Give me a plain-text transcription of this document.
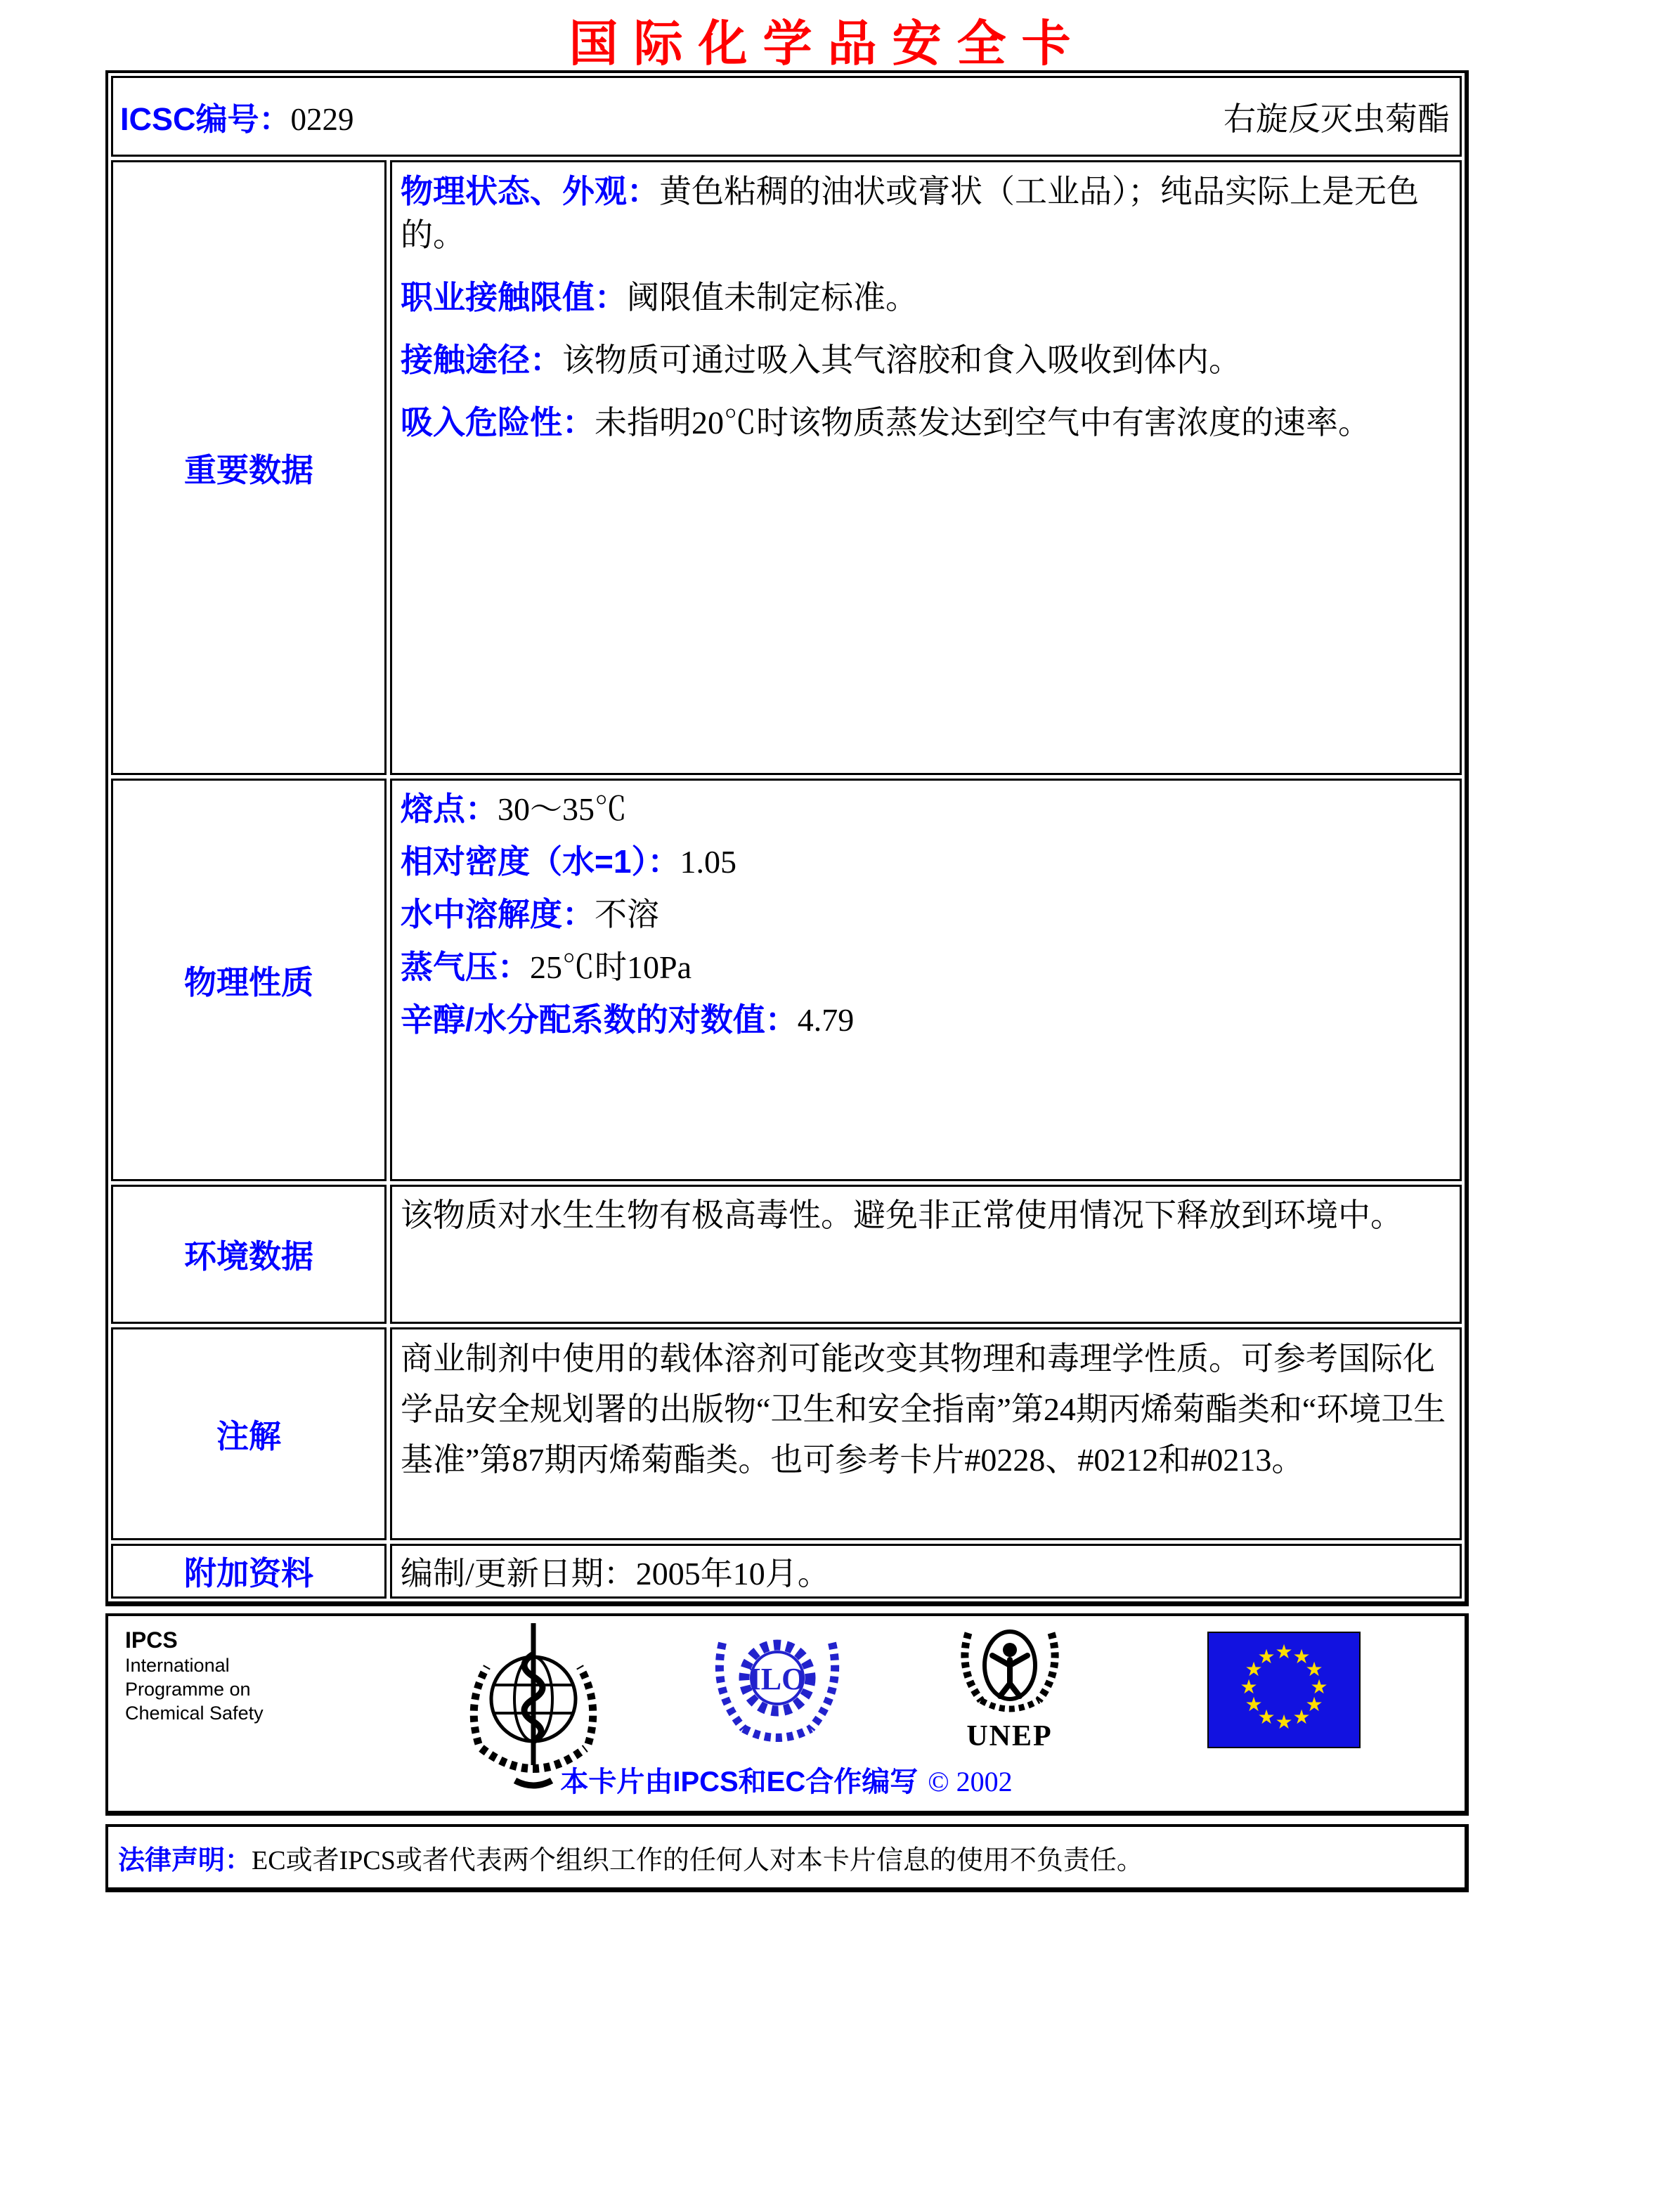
国际化学品安全卡
ICSC编号：0229	右旋反灭虫菊酯
重要数据

物理状态、外观：黄色粘稠的油状或膏状（工业品）；纯品实际上是无色的。

职业接触限值：阈限值未制定标准。

接触途径：该物质可通过吸入其气溶胶和食入吸收到体内。

吸入危险性：未指明20℃时该物质蒸发达到空气中有害浓度的速率。

物理性质

熔点：30～35℃

相对密度（水=1）：1.05

水中溶解度：不溶

蒸气压：25℃时10Pa

辛醇/水分配系数的对数值：4.79

环境数据

该物质对水生生物有极高毒性。避免非正常使用情况下释放到环境中。

注解

商业制剂中使用的载体溶剂可能改变其物理和毒理学性质。可参考国际化学品安全规划署的出版物“卫生和安全指南”第24期丙烯菊酯类和“环境卫生基准”第87期丙烯菊酯类。也可参考卡片#0228、#0212和#0213。

附加资料	编制/更新日期：2005年10月。

IPCS
International
Programme on
Chemical Safety
ILO
UNEP
★ ★
★
★
★
★
★
★
★
★
★
★
本卡片由IPCS和EC合作编写 © 2002

法律声明：EC或者IPCS或者代表两个组织工作的任何人对本卡片信息的使用不负责任。
